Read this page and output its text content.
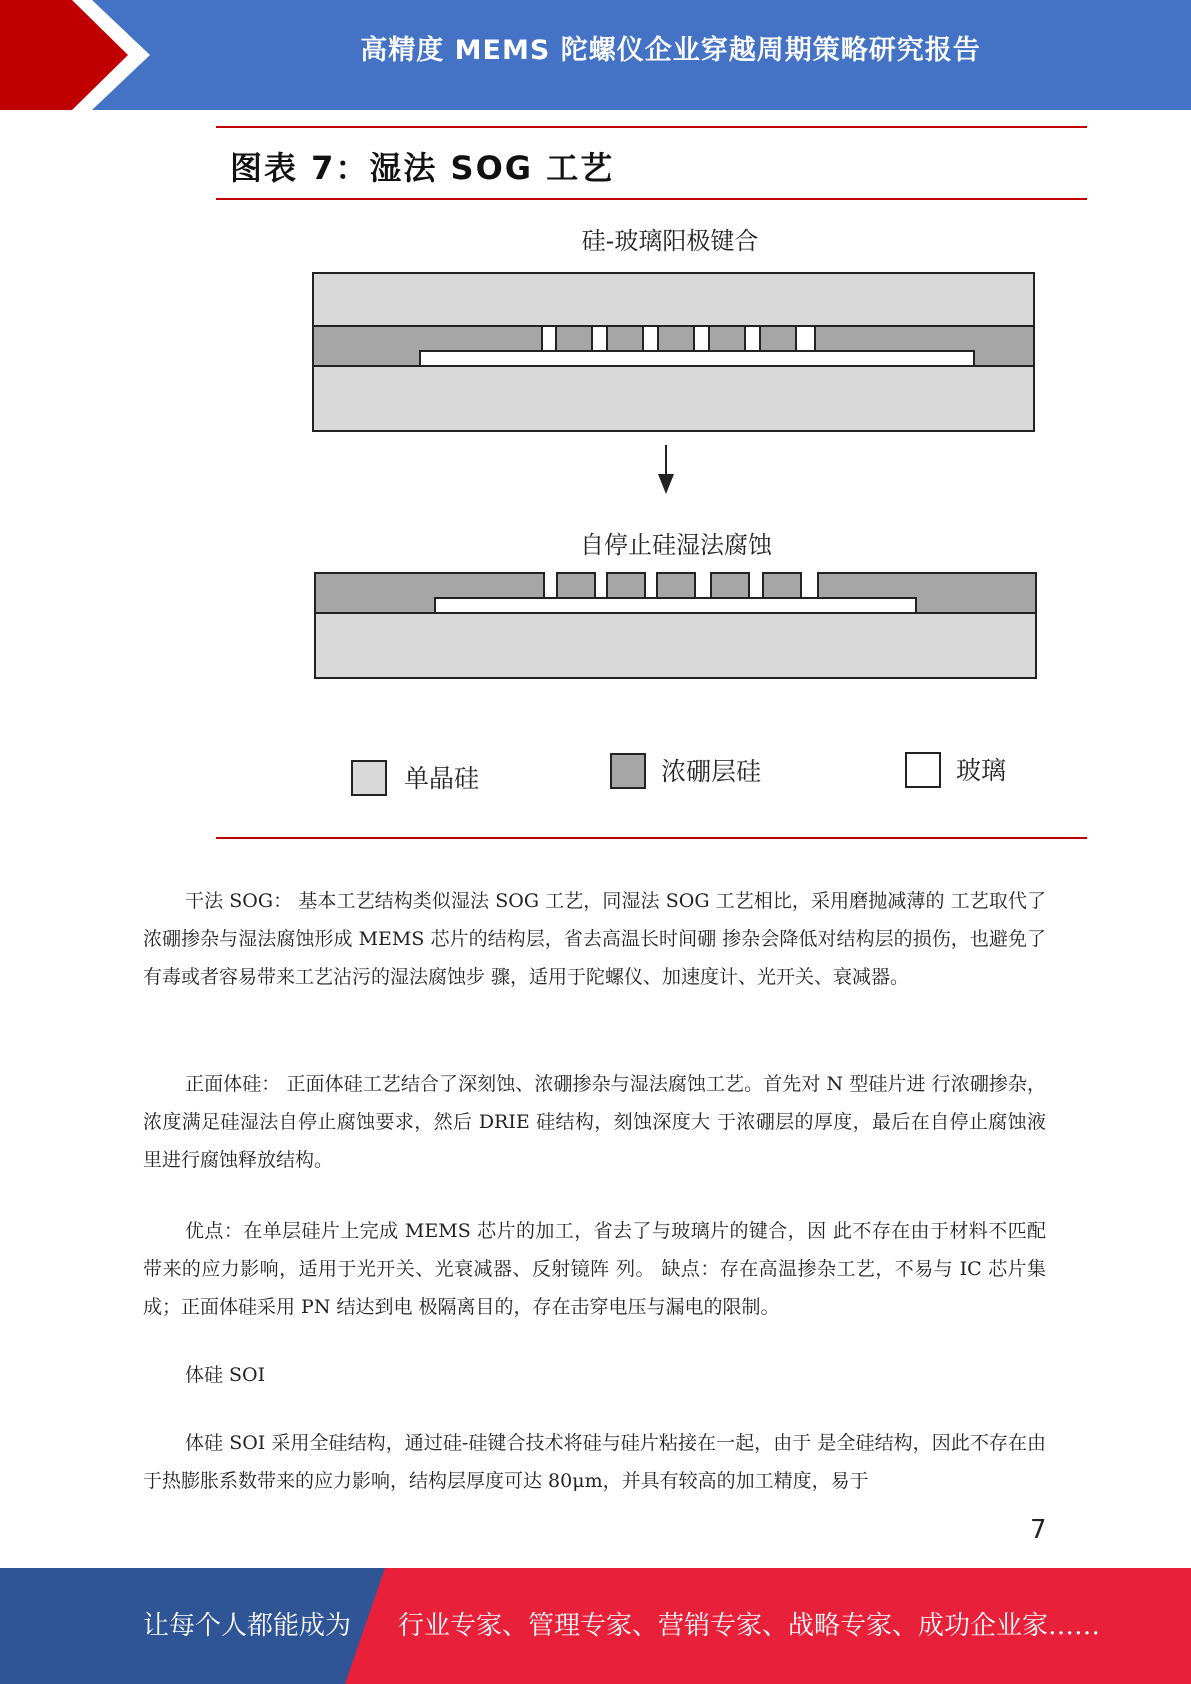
高精度 MEMS 陀螺仪企业穿越周期策略研究报告
图表 7：湿法 SOG 工艺
硅-玻璃阳极键合
自停止硅湿法腐蚀
单晶硅	浓硼层硅	玻璃

干法 SOG： 基本工艺结构类似湿法 SOG 工艺，同湿法 SOG 工艺相比，采用磨抛减薄的 工艺取代了浓硼掺杂与湿法腐蚀形成 MEMS 芯片的结构层，省去高温长时间硼 掺杂会降低对结构层的损伤，也避免了有毒或者容易带来工艺沾污的湿法腐蚀步 骤，适用于陀螺仪、加速度计、光开关、衰减器。

正面体硅： 正面体硅工艺结合了深刻蚀、浓硼掺杂与湿法腐蚀工艺。首先对 N 型硅片进 行浓硼掺杂，浓度满足硅湿法自停止腐蚀要求，然后 DRIE 硅结构，刻蚀深度大 于浓硼层的厚度，最后在自停止腐蚀液里进行腐蚀释放结构。

优点：在单层硅片上完成 MEMS 芯片的加工，省去了与玻璃片的键合，因 此不存在由于材料不匹配带来的应力影响，适用于光开关、光衰减器、反射镜阵 列。 缺点：存在高温掺杂工艺，不易与 IC 芯片集成；正面体硅采用 PN 结达到电 极隔离目的，存在击穿电压与漏电的限制。

体硅 SOI

体硅 SOI 采用全硅结构，通过硅-硅键合技术将硅与硅片粘接在一起，由于 是全硅结构，因此不存在由于热膨胀系数带来的应力影响，结构层厚度可达 80μm，并具有较高的加工精度，易于

7
让每个人都能成为 行业专家、管理专家、营销专家、战略专家、成功企业家……
